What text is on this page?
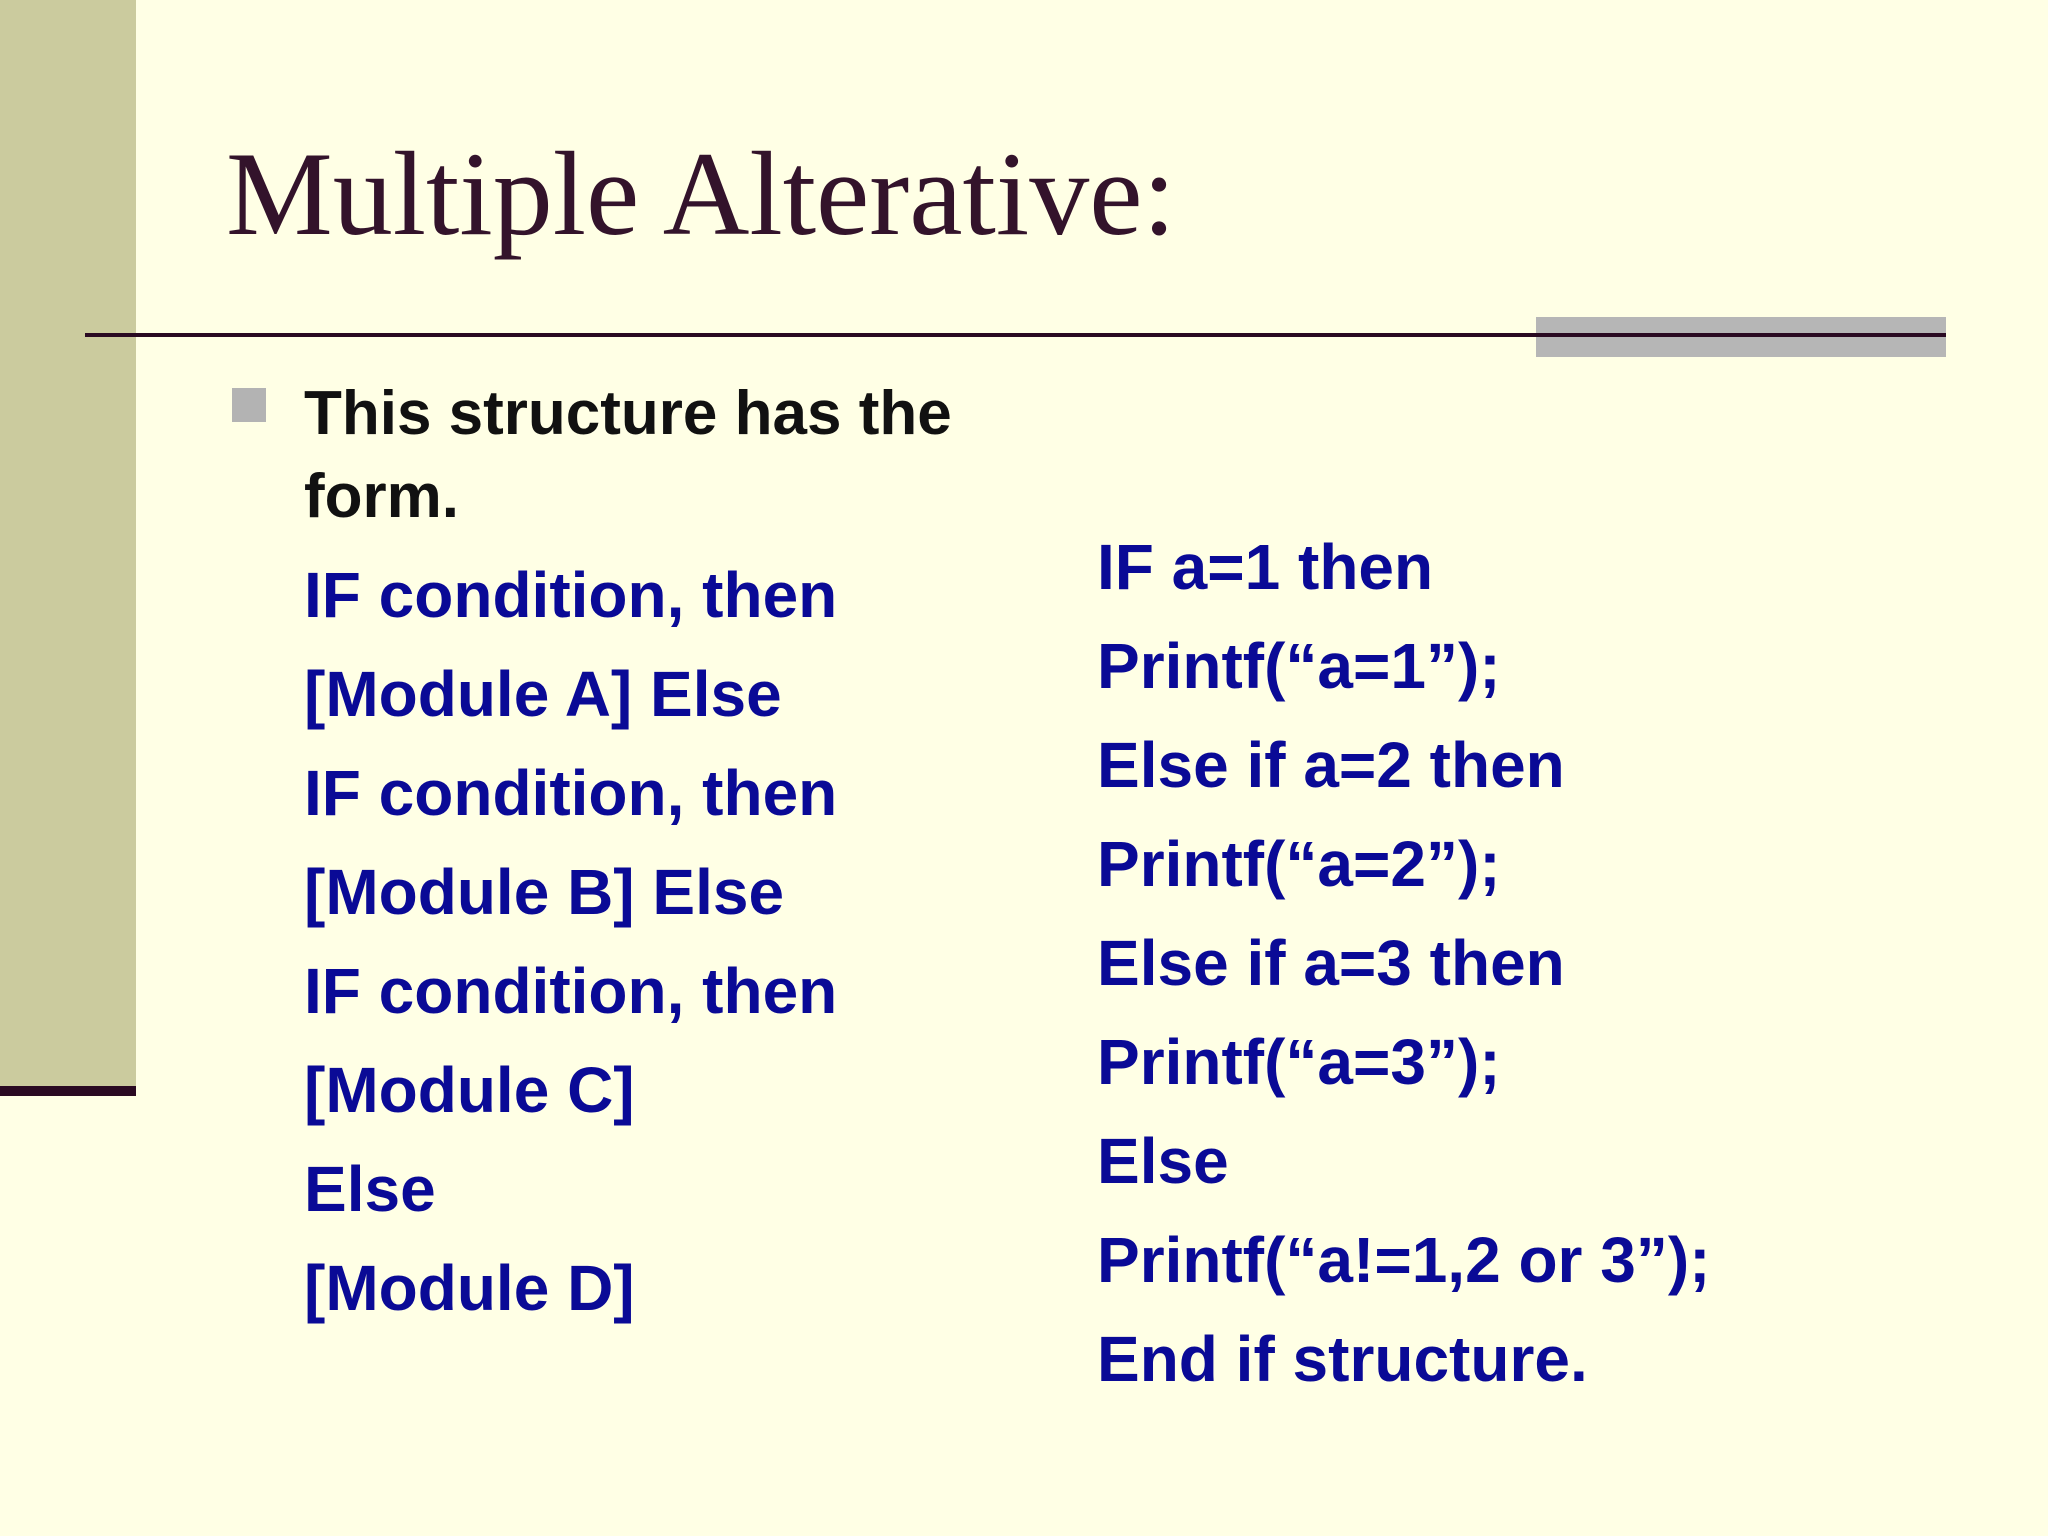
Multiple Alterative:

This structure has the form.

IF condition, then
[Module A] Else
IF condition, then
[Module B] Else
IF condition, then
[Module C]
Else
[Module D]
IF a=1 then
Printf(“a=1”);
Else if a=2 then
Printf(“a=2”);
Else if a=3 then
Printf(“a=3”);
Else
Printf(“a!=1,2 or 3”);
End if structure.
